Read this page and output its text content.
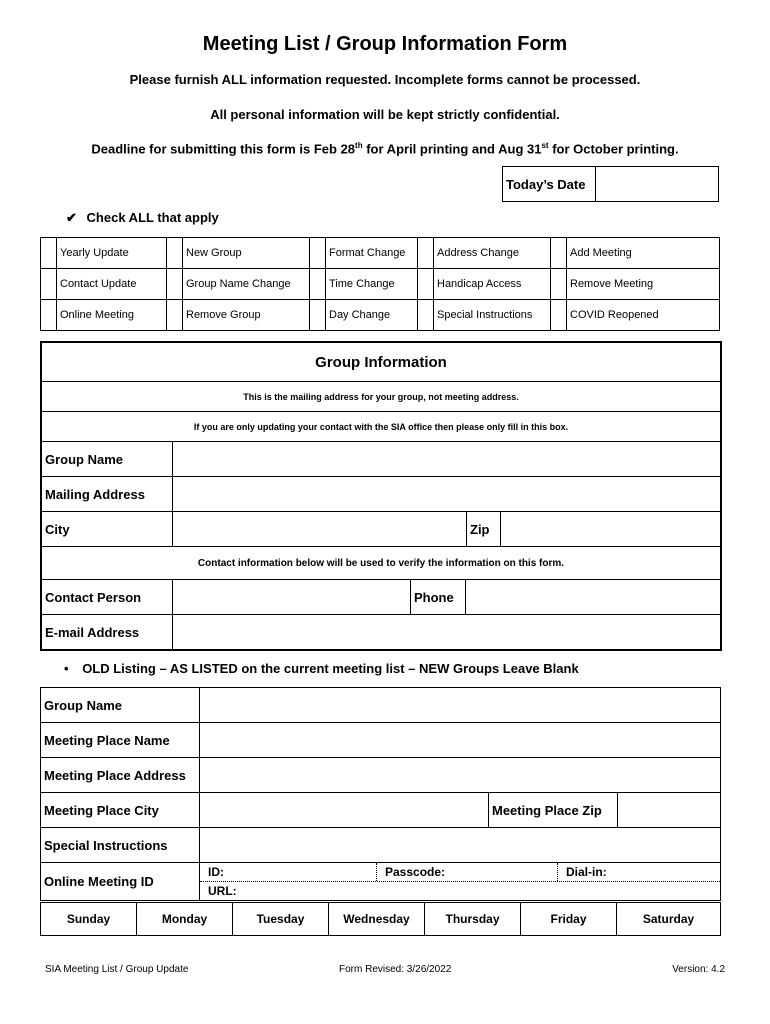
Meeting List / Group Information Form
Please furnish ALL information requested. Incomplete forms cannot be processed.
All personal information will be kept strictly confidential.
Deadline for submitting this form is Feb 28th for April printing and Aug 31st for October printing.
Today’s Date	
✔ Check ALL that apply
	Yearly Update		New Group		Format Change		Address Change		Add Meeting
	Contact Update		Group Name Change		Time Change		Handicap Access		Remove Meeting
	Online Meeting		Remove Group		Day Change		Special Instructions		COVID Reopened
Group Information
This is the mailing address for your group, not meeting address.
If you are only updating your contact with the SIA office then please only fill in this box.
Group Name	
Mailing Address	
City		Zip	
Contact information below will be used to verify the information on this form.

Contact Person		Phone	

E-mail Address	
• OLD Listing – AS LISTED on the current meeting list – NEW Groups Leave Blank
Group Name			
Meeting Place Name			
Meeting Place Address			
Meeting Place City		Meeting Place Zip	
Special Instructions			
Online Meeting ID	ID: Passcode: Dial-in:
URL:		
Sunday	Monday	Tuesday	Wednesday	Thursday	Friday	Saturday
SIA Meeting List / Group Update	Form Revised: 3/26/2022	Version: 4.2
